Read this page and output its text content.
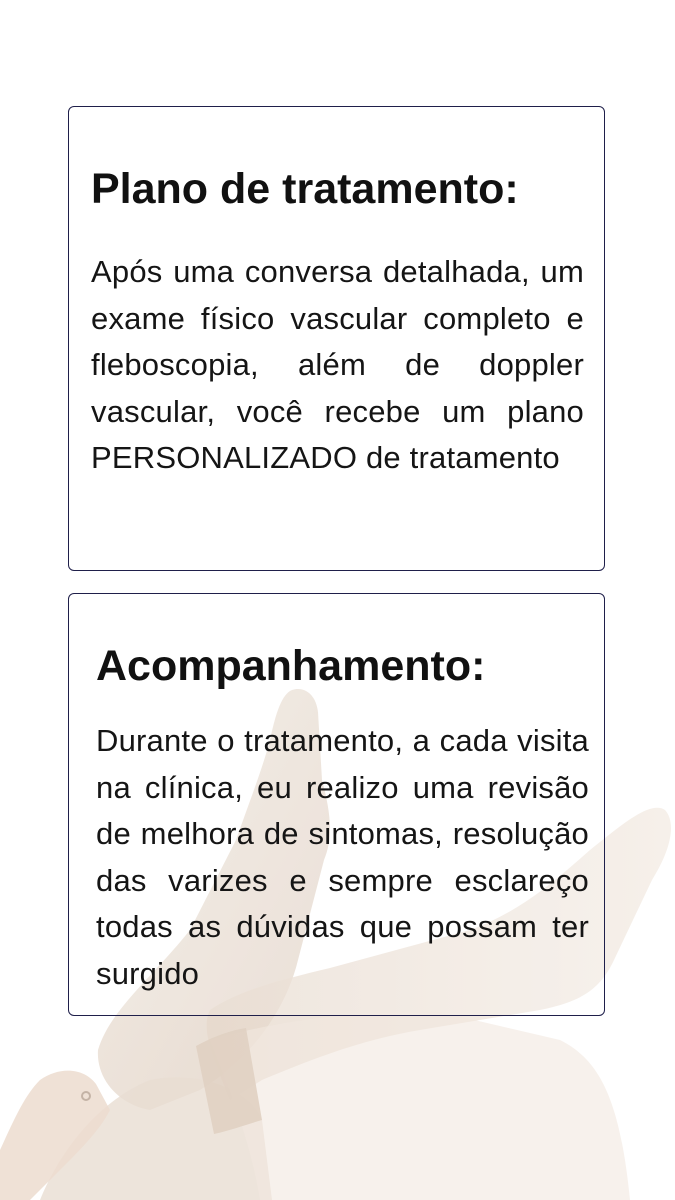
Plano de tratamento:

Após uma conversa detalhada, um exame físico vascular completo e fleboscopia, além de doppler vascular, você recebe um plano PERSONALIZADO de tratamento

Acompanhamento:

Durante o tratamento, a cada visita na clínica, eu realizo uma revisão de melhora de sintomas, resolução das varizes e sempre esclareço todas as dúvidas que possam ter surgido
